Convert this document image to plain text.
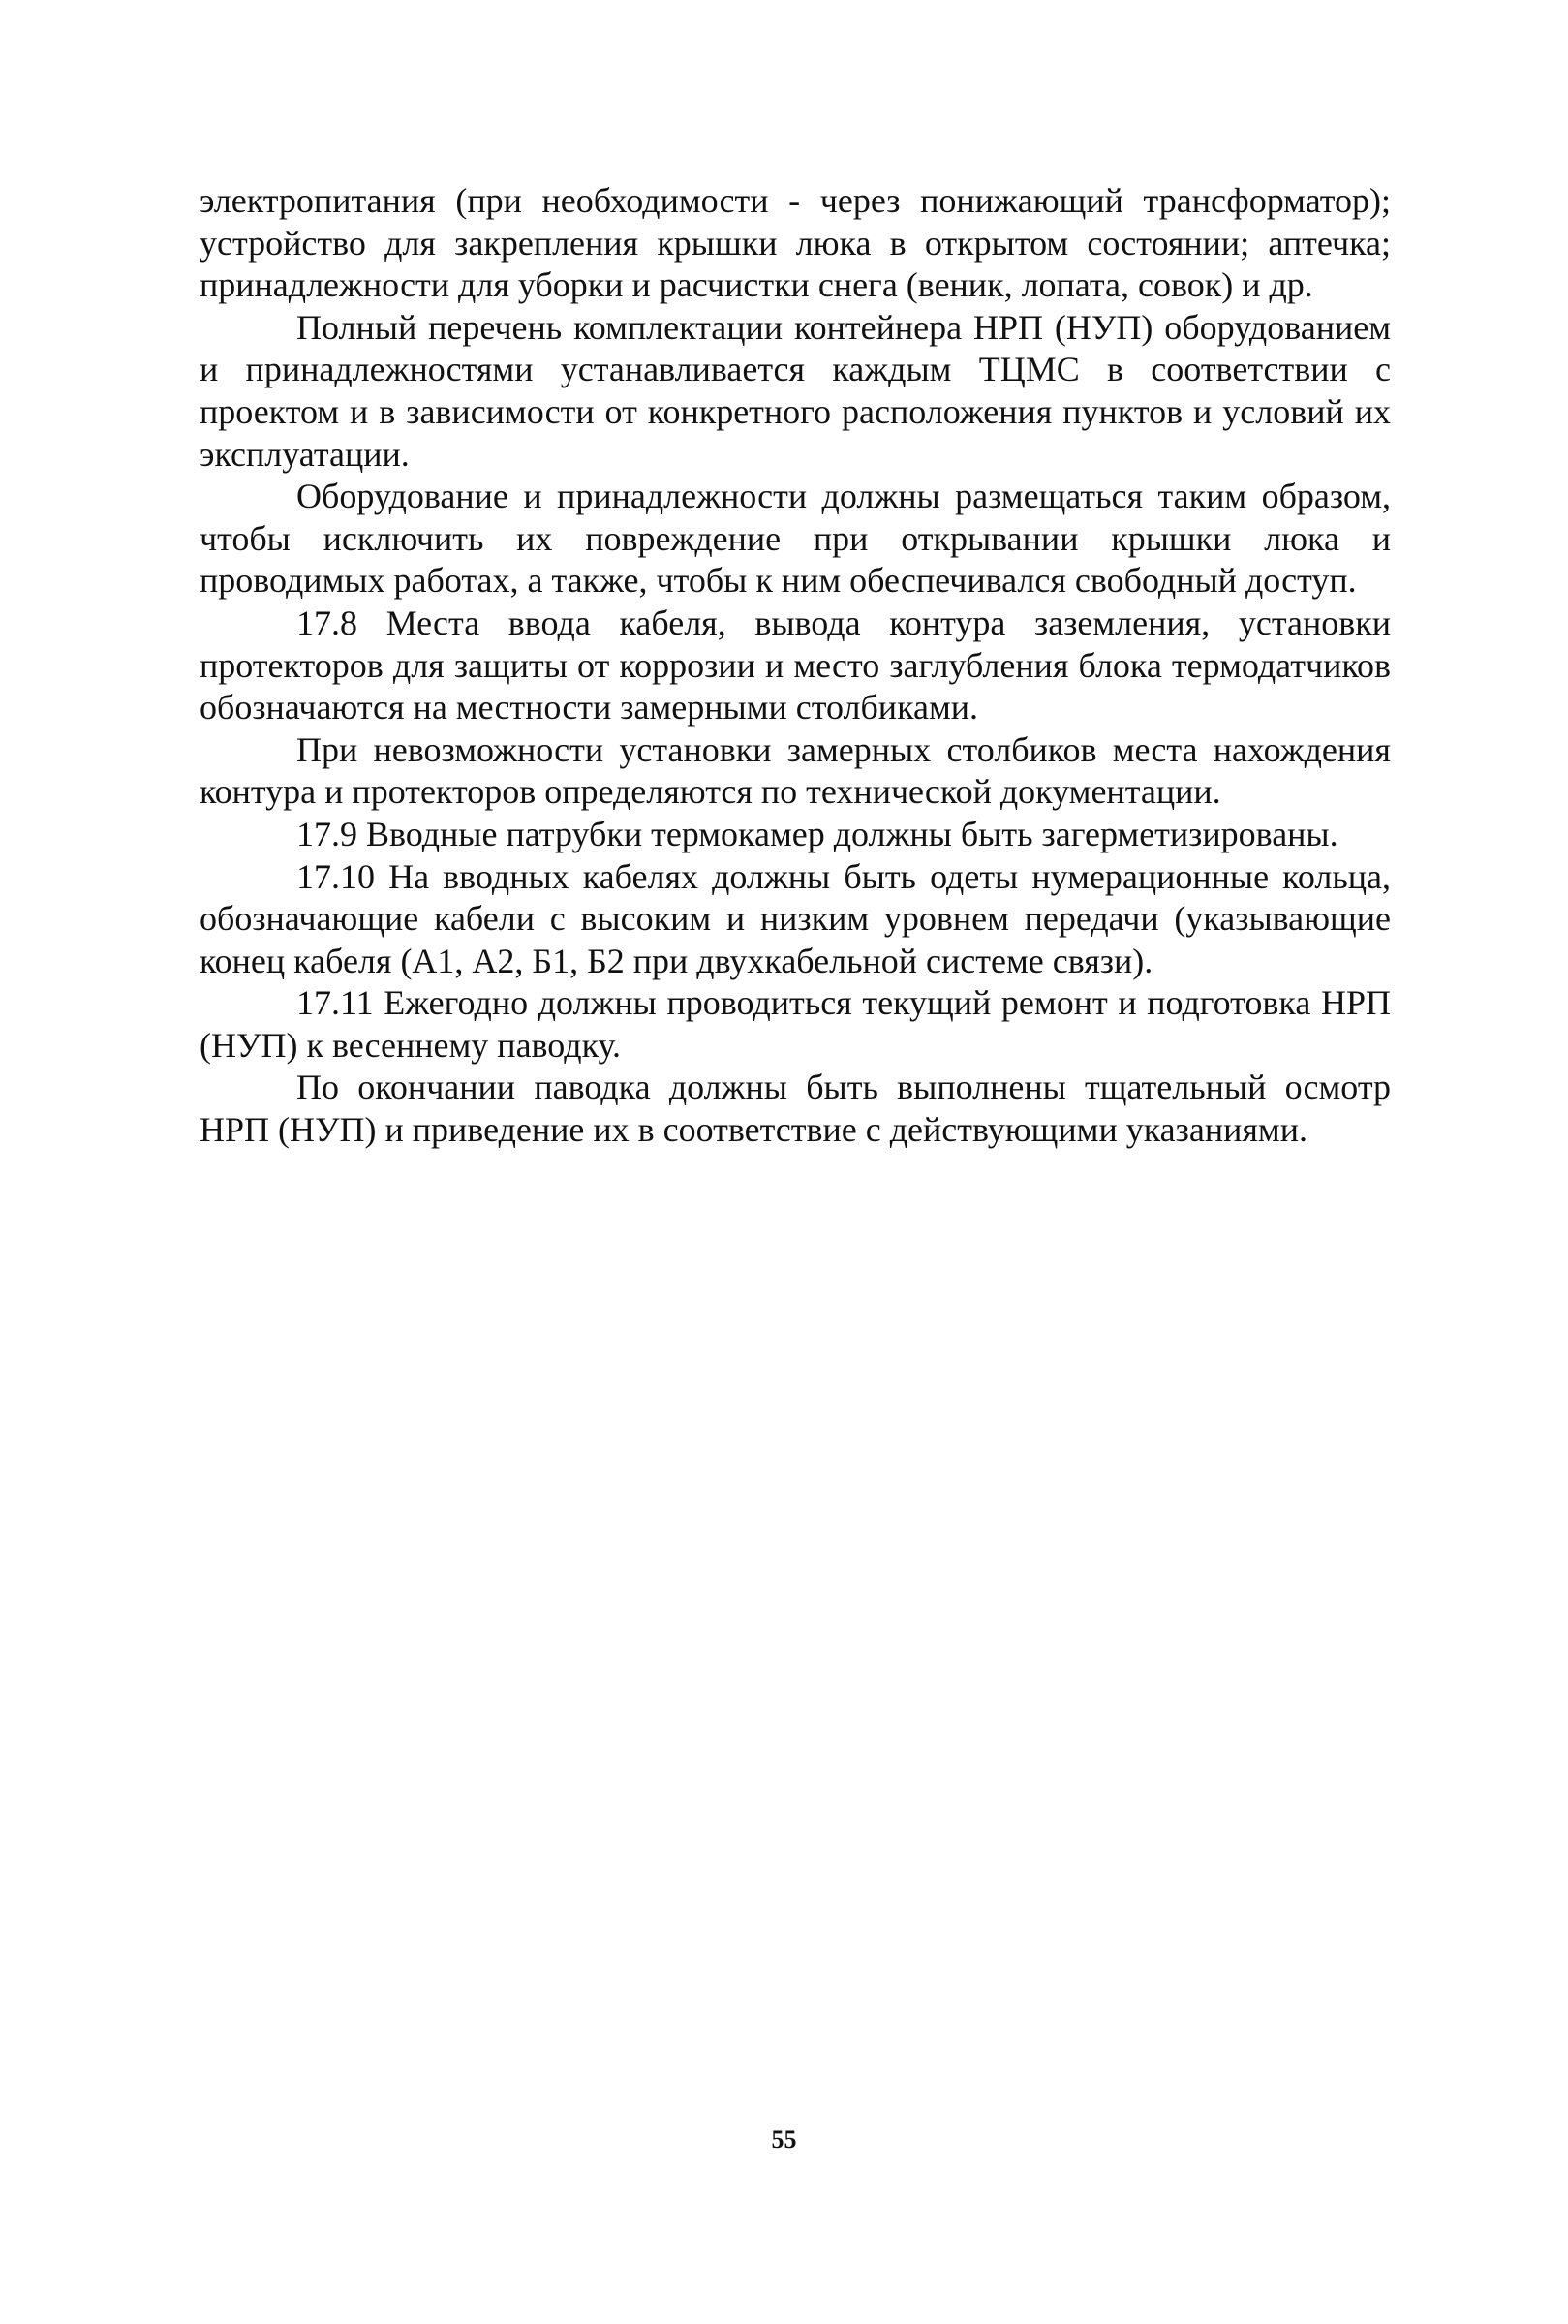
электропитания (при необходимости - через понижающий трансформатор); устройство для закрепления крышки люка в открытом состоянии; аптечка; принадлежности для уборки и расчистки снега (веник, лопата, совок) и др.

Полный перечень комплектации контейнера НРП (НУП) оборудованием и принадлежностями устанавливается каждым ТЦМС в соответствии с проектом и в зависимости от конкретного расположения пунктов и условий их эксплуатации.

Оборудование и принадлежности должны размещаться таким образом, чтобы исключить их повреждение при открывании крышки люка и проводимых работах, а также, чтобы к ним обеспечивался свободный доступ.

17.8 Места ввода кабеля, вывода контура заземления, установки протекторов для защиты от коррозии и место заглубления блока термодатчиков обозначаются на местности замерными столбиками.

При невозможности установки замерных столбиков места нахождения контура и протекторов определяются по технической документации.

17.9 Вводные патрубки термокамер должны быть загерметизированы.

17.10 На вводных кабелях должны быть одеты нумерационные кольца, обозначающие кабели с высоким и низким уровнем передачи (указывающие конец кабеля (А1, А2, Б1, Б2 при двухкабельной системе связи).

17.11 Ежегодно должны проводиться текущий ремонт и подготовка НРП (НУП) к весеннему паводку.

По окончании паводка должны быть выполнены тщательный осмотр НРП (НУП) и приведение их в соответствие с действующими указаниями.

55
